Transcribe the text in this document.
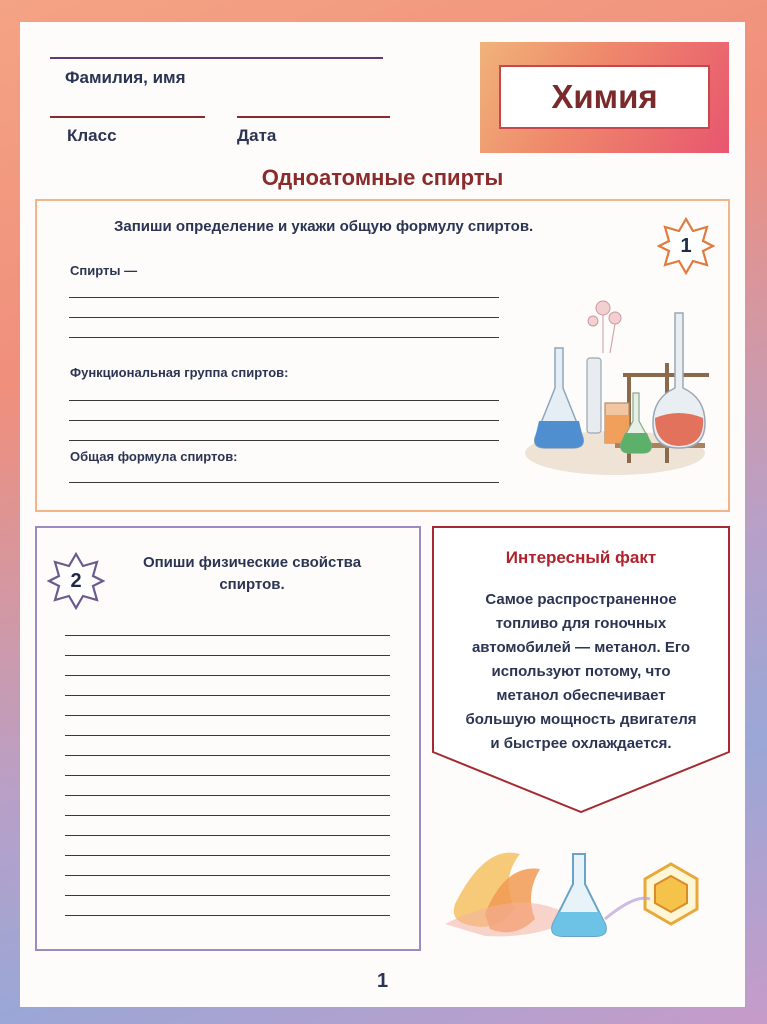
Фамилия, имя
Класс	Дата
Химия
Одноатомные спирты
Запиши определение и укажи общую формулу спиртов.
1
Спирты —
Функциональная группа спиртов:
Общая формула спиртов:
2
Опиши физические свойства
спиртов.
Интересный факт
Самое распространенное
топливо для гоночных
автомобилей — метанол. Его
используют потому, что
метанол обеспечивает
большую мощность двигателя
и быстрее охлаждается.
1
